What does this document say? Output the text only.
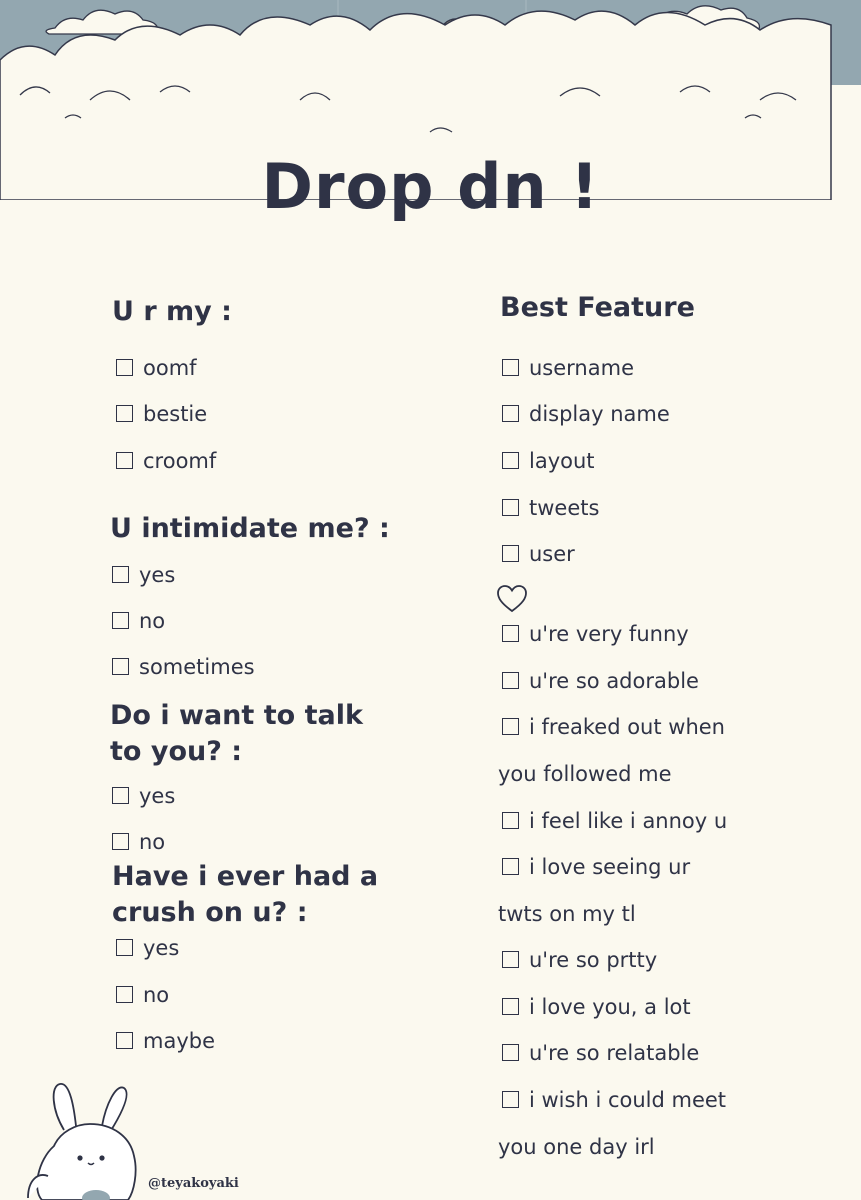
Drop dn !
U r my :
oomf
bestie
croomf
U intimidate me? :
yes
no
sometimes
Do i want to talk
to you? :
yes
no
Have i ever had a
crush on u? :
yes
no
maybe
Best Feature
username
display name
layout
tweets
user
u're very funny
u're so adorable
i freaked out when
you followed me
i feel like i annoy u
i love seeing ur
twts on my tl
u're so prtty
i love you, a lot
u're so relatable
i wish i could meet
you one day irl
@teyakoyaki
